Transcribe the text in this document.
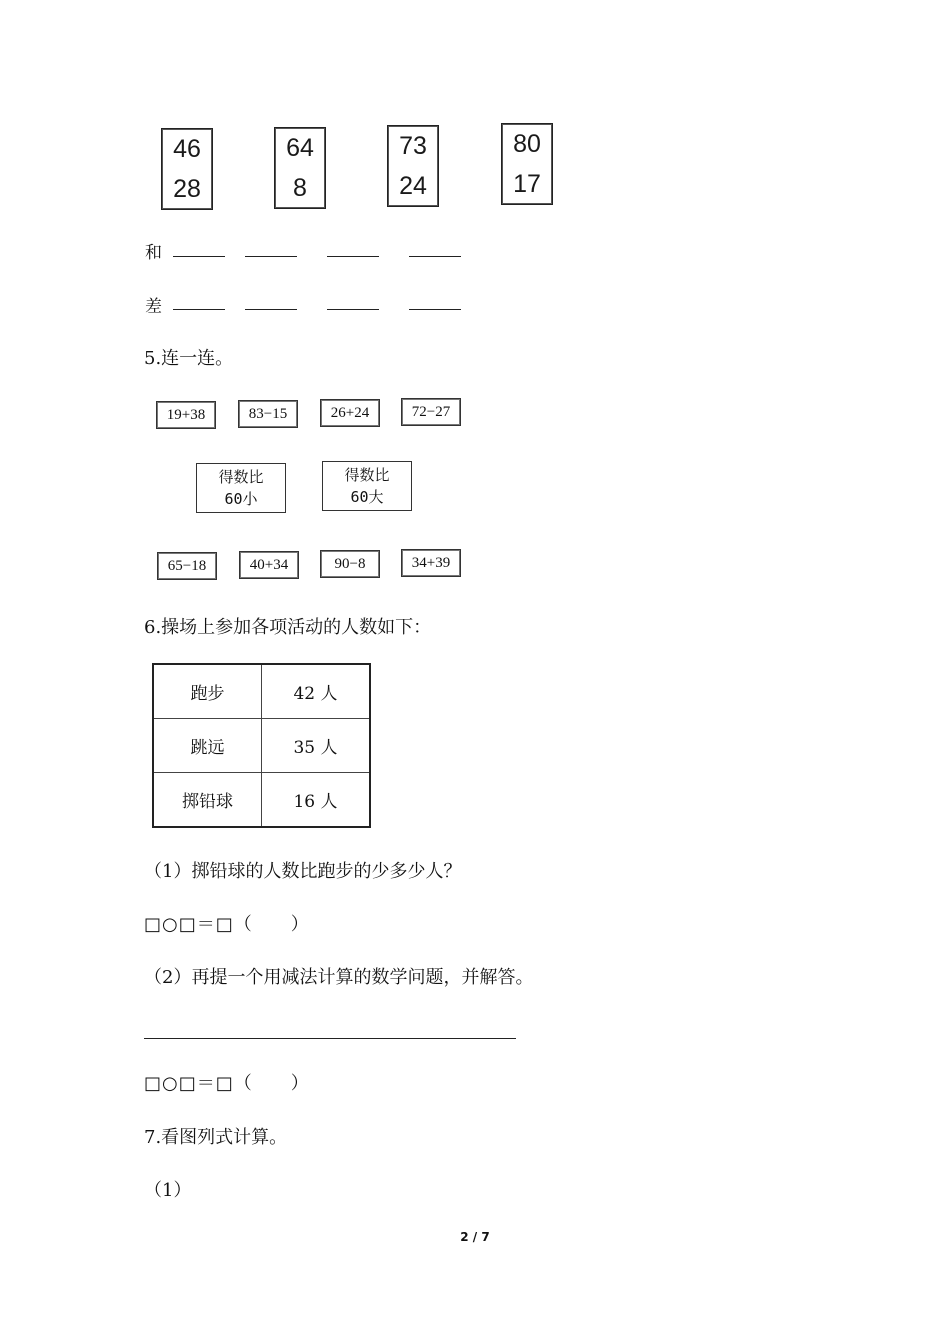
46
28
64
8
73
24
80
17
和
差
5.连一连。
19+38	83−15	26+24	72−27
得数比
60小
得数比
60大
65−18	40+34	90−8	34+39
6.操场上参加各项活动的人数如下：
跑步	42 人
跳远	35 人
掷铅球	16 人
（1）掷铅球的人数比跑步的少多少人？
□○□＝□（　　）
（2）再提一个用减法计算的数学问题，并解答。
□○□＝□（　　）
7.看图列式计算。
（1）
2 / 7
